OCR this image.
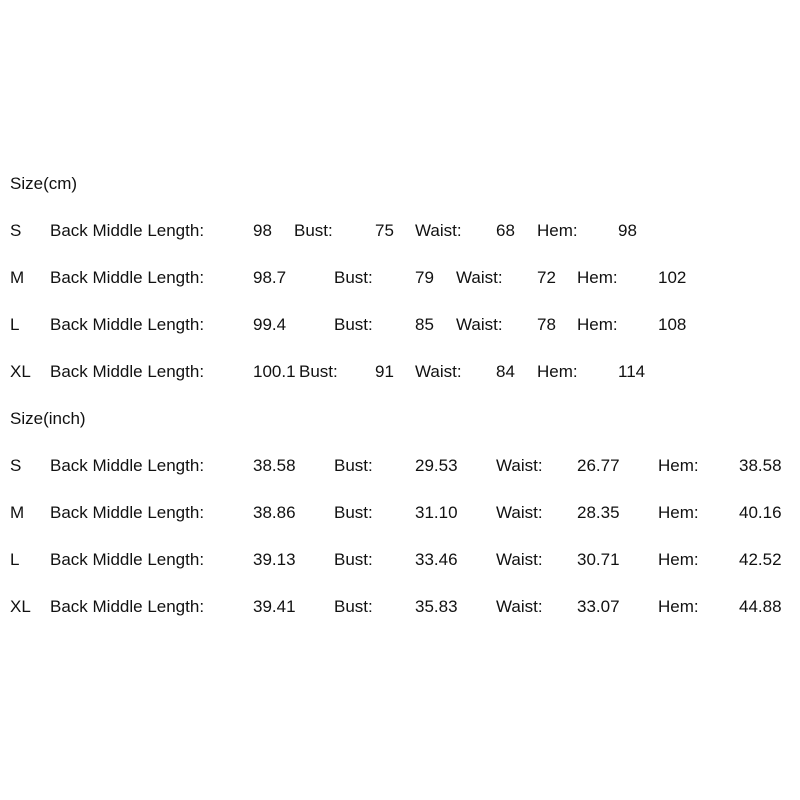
Size(cm)
S Back Middle Length:	98 Bust: 75 Waist: 68 Hem: 98
M Back Middle Length:	98.7	Bust: 79 Waist: 72 Hem: 102
L Back Middle Length:	99.4	Bust: 85 Waist: 78 Hem: 108
XL Back Middle Length:	100.1 Bust: 91 Waist: 84 Hem: 114
Size(inch)
S Back Middle Length:	38.58 Bust: 29.53 Waist: 26.77 Hem: 38.58
M Back Middle Length:	38.86 Bust: 31.10 Waist: 28.35 Hem: 40.16
L Back Middle Length:	39.13 Bust: 33.46 Waist: 30.71 Hem: 42.52
XL Back Middle Length:	39.41 Bust: 35.83 Waist: 33.07 Hem: 44.88
